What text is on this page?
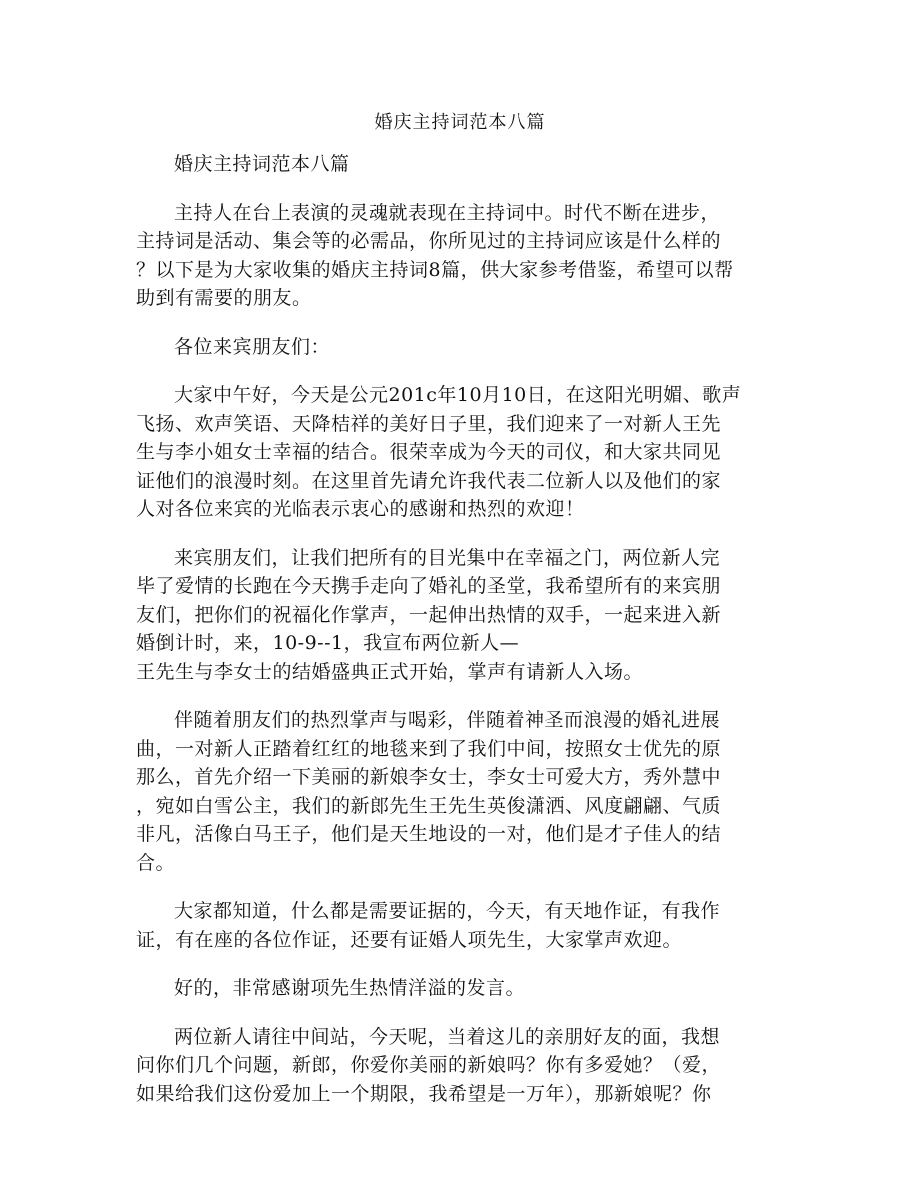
婚庆主持词范本八篇

婚庆主持词范本八篇

主持人在台上表演的灵魂就表现在主持词中。时代不断在进步，
主持词是活动、集会等的必需品，你所见过的主持词应该是什么样的
？以下是为大家收集的婚庆主持词8篇，供大家参考借鉴，希望可以帮
助到有需要的朋友。

各位来宾朋友们：

大家中午好，今天是公元201c年10月10日，在这阳光明媚、歌声
飞扬、欢声笑语、天降桔祥的美好日子里，我们迎来了一对新人王先
生与李小姐女士幸福的结合。很荣幸成为今天的司仪，和大家共同见
证他们的浪漫时刻。在这里首先请允许我代表二位新人以及他们的家
人对各位来宾的光临表示衷心的感谢和热烈的欢迎！

来宾朋友们，让我们把所有的目光集中在幸福之门，两位新人完
毕了爱情的长跑在今天携手走向了婚礼的圣堂，我希望所有的来宾朋
友们，把你们的祝福化作掌声，一起伸出热情的双手，一起来进入新
婚倒计时，来，10-9--1，我宣布两位新人—
王先生与李女士的结婚盛典正式开始，掌声有请新人入场。

伴随着朋友们的热烈掌声与喝彩，伴随着神圣而浪漫的婚礼进展
曲，一对新人正踏着红红的地毯来到了我们中间，按照女士优先的原
那么，首先介绍一下美丽的新娘李女士，李女士可爱大方，秀外慧中
，宛如白雪公主，我们的新郎先生王先生英俊潇洒、风度翩翩、气质
非凡，活像白马王子，他们是天生地设的一对，他们是才子佳人的结
合。

大家都知道，什么都是需要证据的，今天，有天地作证，有我作
证，有在座的各位作证，还要有证婚人项先生，大家掌声欢迎。

好的，非常感谢项先生热情洋溢的发言。

两位新人请往中间站，今天呢，当着这儿的亲朋好友的面，我想
问你们几个问题，新郎，你爱你美丽的新娘吗？你有多爱她？（爱，
如果给我们这份爱加上一个期限，我希望是一万年），那新娘呢？你
